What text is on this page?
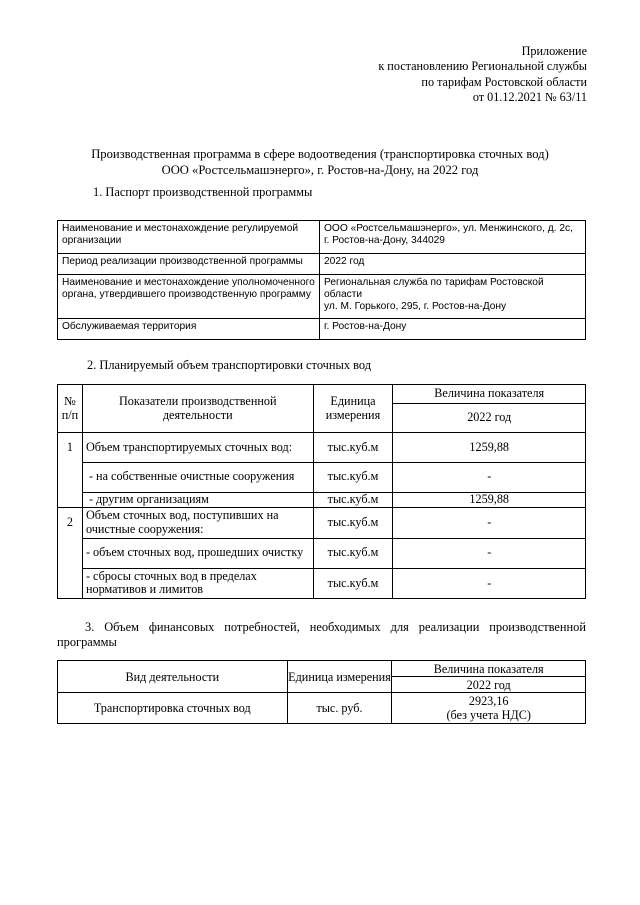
Приложение
к постановлению Региональной службы
по тарифам Ростовской области
от 01.12.2021 № 63/11
Производственная программа в сфере водоотведения (транспортировка сточных вод)
ООО «Ростсельмашэнерго», г. Ростов-на-Дону, на 2022 год
1. Паспорт производственной программы
Наименование и местонахождение регулируемой организации	ООО «Ростсельмашэнерго», ул. Менжинского, д. 2с, г. Ростов-на-Дону, 344029
Период реализации производственной программы	2022 год
Наименование и местонахождение уполномоченного органа, утвердившего производственную программу	Региональная служба по тарифам Ростовской области
ул. М. Горького, 295, г. Ростов-на-Дону

Обслуживаемая территория	г. Ростов-на-Дону
2. Планируемый объем транспортировки сточных вод
№ п/п	Показатели производственной деятельности	Единица измерения	Величина показателя
			2022 год
1	Объем транспортируемых сточных вод:	тыс.куб.м	1259,88
	- на собственные очистные сооружения	тыс.куб.м	-
	- другим организациям	тыс.куб.м	1259,88
2	Объем сточных вод, поступивших на очистные сооружения:	тыс.куб.м	-
	- объем сточных вод, прошедших очистку	тыс.куб.м	-
	- сбросы сточных вод в пределах нормативов и лимитов	тыс.куб.м	-
3. Объем финансовых потребностей, необходимых для реализации производственной программы
Вид деятельности	Единица измерения	Величина показателя
		2022 год
Транспортировка сточных вод	тыс. руб.	2923,16
(без учета НДС)
